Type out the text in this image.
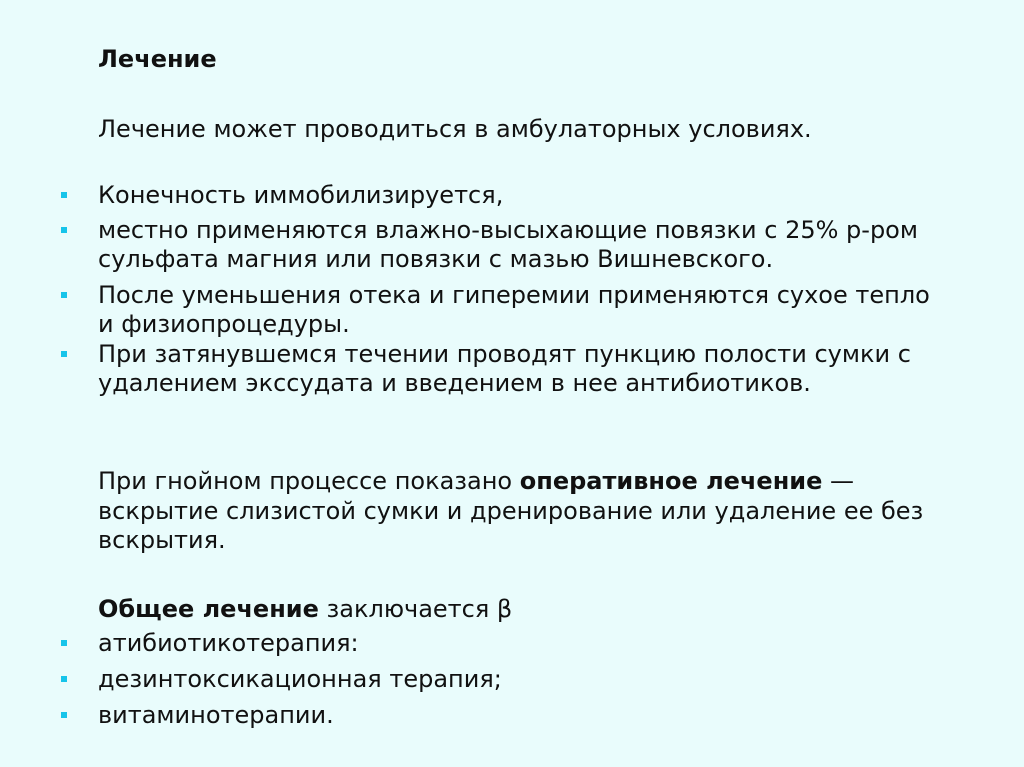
Лечение
Лечение может проводиться в амбулаторных условиях.
Конечность иммобилизируется,
местно применяются влажно-высыхающие повязки с 25% р-ром
сульфата магния или повязки с мазью Вишневского.
После уменьшения отека и гиперемии применяются сухое тепло
и физиопроцедуры.
При затянувшемся течении проводят пункцию полости сумки с
удалением экссудата и введением в нее антибиотиков.
При гнойном процессе показано оперативное лечение —
вскрытие слизистой сумки и дренирование или удаление ее без
вскрытия.
Общее лечение заключается β
атибиотикотерапия:
дезинтоксикационная терапия;
витаминотерапии.
